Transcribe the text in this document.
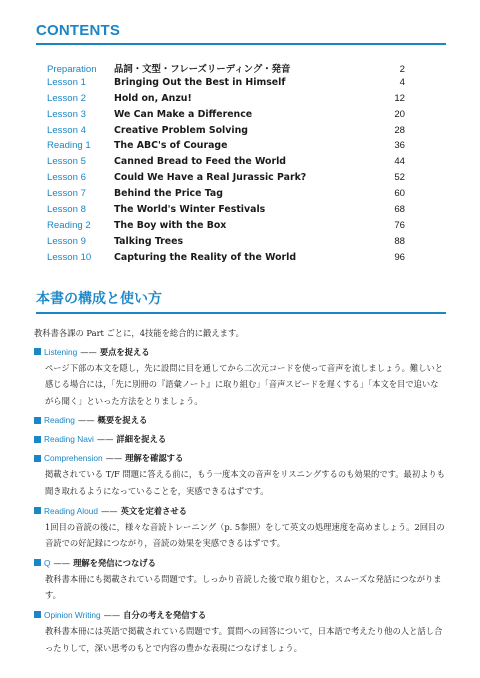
CONTENTS
Preparation	品詞・文型・フレーズリーディング・発音	2
Lesson 1	Bringing Out the Best in Himself	4
Lesson 2	Hold on, Anzu!	12
Lesson 3	We Can Make a Difference	20
Lesson 4	Creative Problem Solving	28
Reading 1	The ABC's of Courage	36
Lesson 5	Canned Bread to Feed the World	44
Lesson 6	Could We Have a Real Jurassic Park?	52
Lesson 7	Behind the Price Tag	60
Lesson 8	The World's Winter Festivals	68
Reading 2	The Boy with the Box	76
Lesson 9	Talking Trees	88
Lesson 10	Capturing the Reality of the World	96
本書の構成と使い方

教科書各課の Part ごとに，4技能を総合的に鍛えます。

Listening —— 要点を捉える

ページ下部の本文を隠し，先に設問に目を通してから二次元コードを使って音声を流しましょう。難しいと感じる場合には，「先に別冊の『語彙ノート』に取り組む」「音声スピードを遅くする」「本文を目で追いながら聞く」といった方法をとりましょう。

Reading —— 概要を捉える
Reading Navi —— 詳細を捉える
Comprehension —— 理解を確認する

掲載されている T/F 問題に答える前に，もう一度本文の音声をリスニングするのも効果的です。最初よりも聞き取れるようになっていることを，実感できるはずです。

Reading Aloud —— 英文を定着させる

1回目の音読の後に，様々な音読トレーニング（p. 5参照）をして英文の処理速度を高めましょう。2回目の音読での好記録につながり，音読の効果を実感できるはずです。

Q —— 理解を発信につなげる

教科書本冊にも掲載されている問題です。しっかり音読した後で取り組むと，スムーズな発話につながります。

Opinion Writing —— 自分の考えを発信する

教科書本冊には英語で掲載されている問題です。質問への回答について，日本語で考えたり他の人と話し合ったりして，深い思考のもとで内容の豊かな表現につなげましょう。
